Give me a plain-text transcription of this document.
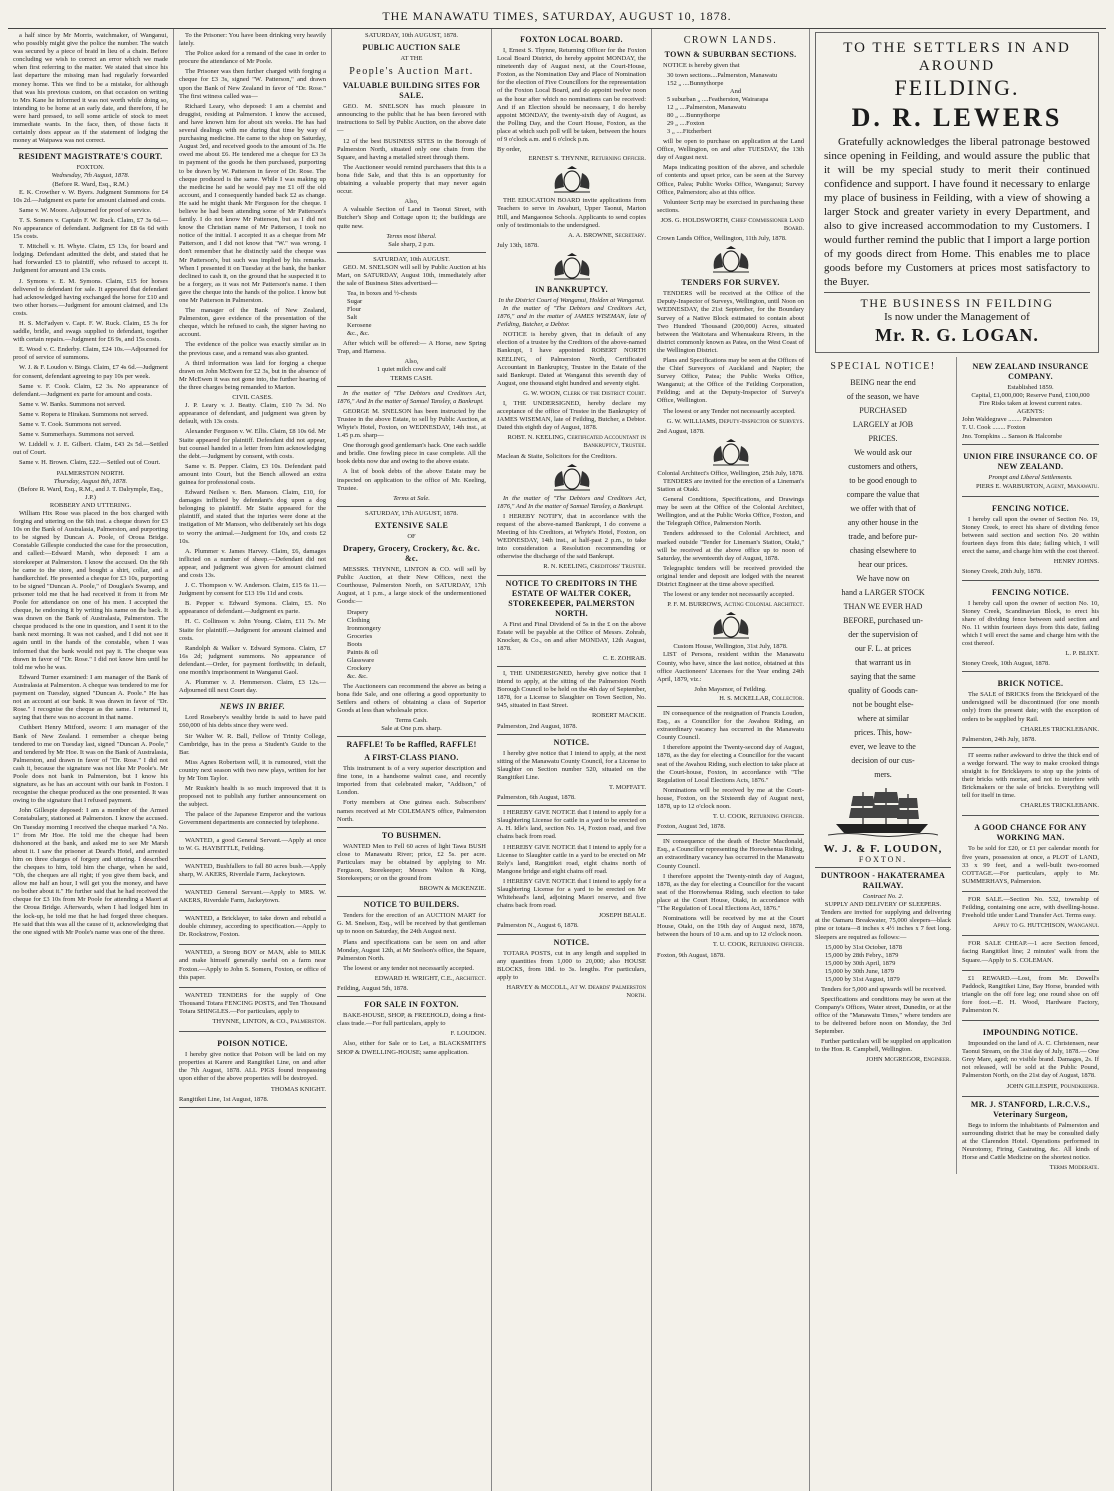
THE MANAWATU TIMES, SATURDAY, AUGUST 10, 1878.

a half since by Mr Morris, watchmaker, of Wanganui, who possibly might give the police the number. The watch was secured by a piece of braid in lieu of a chain. Before concluding we wish to correct an error which we made when first referring to the matter. We stated that since his last departure the missing man had regularly forwarded money home. This we find to be a mistake, for although that was his previous custom, on that occasion on writing to Mrs Kane he informed it was not worth while doing so, intending to be home at an early date, and therefore, if he were hard pressed, to sell some article of stock to meet immediate wants. In the face, then, of those facts it certainly does appear as if the statement of lodging the money at Waipawa was not correct.

RESIDENT MAGISTRATE'S COURT.
FOXTON.
Wednesday, 7th August, 1878.
(Before R. Ward, Esq., R.M.)

E. K. Crowther v. W. Byers. Judgment Summons for £4 10s 2d.—Judgment ex parte for amount claimed and costs.

Same v. W. Moore. Adjourned for proof of service.

T. S. Somers v. Captain F. W. Ruck. Claim, £7 3s 6d.—No appearance of defendant. Judgment for £8 6s 6d with 15s costs.

T. Mitchell v. H. Whyte. Claim, £5 13s, for board and lodging. Defendant admitted the debt, and stated that he had forwarded £3 to plaintiff, who refused to accept it. Judgment for amount and 13s costs.

J. Symons v. E. M. Symons. Claim, £15 for horses delivered to defendant for sale. It appeared that defendant had acknowledged having exchanged the horse for £10 and two other horses.—Judgment for amount claimed, and 13s costs.

H. S. McFadyen v. Capt. F. W. Ruck. Claim, £5 3s for saddle, bridle, and swags supplied to defendant, together with certain repairs.—Judgment for £6 9s, and 15s costs.

E. Wood v. C. Enderby. Claim, £24 10s.—Adjourned for proof of service of summons.

W. J. & F. Loudon v. Bings. Claim, £7 4s 6d.—Judgment for consent, defendant agreeing to pay 10s per week.

Same v. F. Cook. Claim, £2 3s. No appearance of defendant.—Judgment ex parte for amount and costs.

Same v. W. Banks. Summons not served.

Same v. Ropera te Hirakau. Summons not served.

Same v. T. Cook. Summons not served.

Same v. Summerhays. Summons not served.

W. Liddell v. J. E. Gilbert. Claim, £43 2s 5d.—Settled out of Court.

Same v. H. Brown. Claim, £22.—Settled out of Court.

PALMERSTON NORTH.
Thursday, August 8th, 1878.
(Before R. Ward, Esq., R.M., and J. T. Dalrymple, Esq., J.P.)
ROBBERY AND UTTERING.

William Hix Rose was placed in the box charged with forging and uttering on the 6th inst. a cheque drawn for £3 10s on the Bank of Australasia, Palmerston, and purporting to be signed by Duncan A. Poole, of Oroua Bridge. Constable Gillespie conducted the case for the prosecution, and called:—Edward Marsh, who deposed: I am a storekeeper at Palmerston. I know the accused. On the 6th he came to the store, and bought a shirt, collar, and a handkerchief. He presented a cheque for £3 10s, purporting to be signed "Duncan A. Poole," of Douglas's Swamp, and prisoner told me that he had received it from it from Mr Poole for attendance on one of his men. I accepted the cheque, he endorsing it by writing his name on the back. It was drawn on the Bank of Australasia, Palmerston. The cheque produced is the one in question, and I sent it to the bank next morning. It was not cashed, and I did not see it again until in the hands of the constable, when I was informed that the bank would not pay it. The cheque was drawn in favor of "Dr. Rose." I did not know him until he told me who he was.

Edward Turner examined: I am manager of the Bank of Australasia at Palmerston. A cheque was tendered to me for payment on Tuesday, signed "Duncan A. Poole." He has not an account at our bank. It was drawn in favor of "Dr. Rose." I recognise the cheque as the same. I returned it, saying that there was no account in that name.

Cuthbert Henry Mitford, sworn: I am manager of the Bank of New Zealand. I remember a cheque being tendered to me on Tuesday last, signed "Duncan A. Poole," and tendered by Mr Hoe. It was on the Bank of Australasia, Palmerston, and drawn in favor of "Dr. Rose." I did not cash it, because the signature was not like Mr Poole's. Mr Poole does not bank in Palmerston, but I know his signature, as he has an account with our bank in Foxton. I recognise the cheque produced as the one presented. It was owing to the signature that I refused payment.

John Gillespie deposed: I am a member of the Armed Constabulary, stationed at Palmerston. I know the accused. On Tuesday morning I received the cheque marked "A No. 1" from Mr Hoe. He told me the cheque had been dishonored at the bank, and asked me to see Mr Marsh about it. I saw the prisoner at Deard's Hotel, and arrested him on three charges of forgery and uttering. I described the cheques to him, told him the charge, when he said, "Oh, the cheques are all right; if you give them back, and allow me half an hour, I will get you the money, and have no bother about it." He further said that he had received the cheque for £3 10s from Mr Poole for attending a Maori at the Oroua Bridge. Afterwards, when I had lodged him in the lock-up, he told me that he had forged three cheques. He said that this was all the cause of it, acknowledging that the one signed with Mr Poole's name was one of the three.

To the Prisoner: You have been drinking very heavily lately.

The Police asked for a remand of the case in order to procure the attendance of Mr Poole.

The Prisoner was then further charged with forging a cheque for £3 3s, signed "W. Patterson," and drawn upon the Bank of New Zealand in favor of "Dr. Rose." The first witness called was—

Richard Leary, who deposed: I am a chemist and druggist, residing at Palmerston. I know the accused, and have known him for about six weeks. He has had several dealings with me during that time by way of purchasing medicine. He came to the shop on Saturday, August 3rd, and received goods to the amount of 3s. He owed me about £6. He tendered me a cheque for £3 3s in payment of the goods he then purchased, purporting to be drawn by W. Patterson in favor of Dr. Rose. The cheque produced is the same. While I was making up the medicine he said he would pay me £1 off the old account, and I consequently handed back £2 as change. He said he might thank Mr Ferguson for the cheque. I believe he had been attending some of Mr Patterson's family. I do not know Mr Patterson, but as I did not know the Christian name of Mr Patterson, I took no notice of the initial. I accepted it as a cheque from Mr Patterson, and I did not know that "W." was wrong. I don't remember that he distinctly said the cheque was Mr Patterson's, but such was implied by his remarks. When I presented it on Tuesday at the bank, the banker declined to cash it, on the ground that he suspected it to be a forgery, as it was not Mr Patterson's name. I then gave the cheque into the hands of the police. I know but one Mr Patterson in Palmerston.

The manager of the Bank of New Zealand, Palmerston, gave evidence of the presentation of the cheque, which he refused to cash, the signer having no account.

The evidence of the police was exactly similar as in the previous case, and a remand was also granted.

A third information was laid for forging a cheque drawn on John McEwen for £2 3s, but in the absence of Mr McEwen it was not gone into, the further hearing of the three charges being remanded to Marton.

CIVIL CASES.

J. P. Leary v. J. Beatty. Claim, £10 7s 3d. No appearance of defendant, and judgment was given by default, with 13s costs.

Alexander Ferguson v. W. Ellis. Claim, £8 10s 6d. Mr Staite appeared for plaintiff. Defendant did not appear, but counsel handed in a letter from him acknowledging the debt.—Judgment by consent, with costs.

Same v. B. Pepper. Claim, £3 10s. Defendant paid amount into Court, but the Bench allowed an extra guinea for professional costs.

Edward Neilsen v. Ben. Manson. Claim, £10, for damages inflicted by defendant's dog upon a dog belonging to plaintiff. Mr Staite appeared for the plaintiff, and stated that the injuries were done at the instigation of Mr Manson, who deliberately set his dogs to worry the animal.—Judgment for 10s, and costs £2 10s.

A. Plummer v. James Harvey. Claim, £6, damages inflicted on a number of sheep.—Defendant did not appear, and judgment was given for amount claimed and costs 13s.

J. C. Thompson v. W. Anderson. Claim, £15 6s 11.—Judgment by consent for £13 19s 11d and costs.

B. Pepper v. Edward Symons. Claim, £5. No appearance of defendant.—Judgment ex parte.

H. C. Collinson v. John Young. Claim, £11 7s. Mr Staite for plaintiff.—Judgment for amount claimed and costs.

Randolph & Walker v. Edward Symons. Claim, £7 16s 2d; judgment summons. No appearance of defendant.—Order, for payment forthwith; in default, one month's imprisonment in Wanganui Gaol.

A. Plummer v. J. Hemmerson. Claim, £3 12s.—Adjourned till next Court day.

NEWS IN BRIEF.

Lord Rosebery's wealthy bride is said to have paid £60,000 of his debts since they were wed.

Sir Walter W. R. Ball, Fellow of Trinity College, Cambridge, has in the press a Student's Guide to the Bar.

Miss Agnes Robertson will, it is rumoured, visit the country next season with two new plays, written for her by Mr Tom Taylor.

Mr Ruskin's health is so much improved that it is proposed not to publish any further announcement on the subject.

The palace of the Japanese Emperor and the various Government departments are connected by telephone.

WANTED, a good General Servant.—Apply at once to W. G. HAYBITTLE, Feilding.

WANTED, Bushfallers to fall 80 acres bush.—Apply sharp, W. AKERS, Riverdale Farm, Jackeytown.

WANTED General Servant.—Apply to MRS. W. AKERS, Riverdale Farm, Jackeytown.

WANTED, a Bricklayer, to take down and rebuild a double chimney, according to specification.—Apply to Dr. Rockstrow, Foxton.

WANTED, a Strong BOY or MAN, able to MILK and make himself generally useful on a farm near Foxton.—Apply to John S. Somers, Foxton, or office of this paper.

WANTED TENDERS for the supply of One Thousand Totara FENCING POSTS, and Ten Thousand Totara SHINGLES.—For particulars, apply to

THYNNE, LINTON, & CO., Palmerston.
POISON NOTICE.

I hereby give notice that Poison will be laid on my properties at Karere and Rangitikei Line, on and after the 7th August, 1878. ALL PIGS found trespassing upon either of the above properties will be destroyed.

THOMAS KNIGHT.
Rangitikei Line, 1st August, 1878.
SATURDAY, 10th AUGUST, 1878.
PUBLIC AUCTION SALE
AT THE
People's Auction Mart.
VALUABLE BUILDING SITES FOR SALE.

GEO. M. SNELSON has much pleasure in announcing to the public that he has been favored with instructions to Sell by Public Auction, on the above date—

12 of the best BUSINESS SITES in the Borough of Palmerston North, situated only one chain from the Square, and having a metalled street through them.

The Auctioneer would remind purchasers that this is a bona fide Sale, and that this is an opportunity for obtaining a valuable property that may never again occur.

Also,

A valuable Section of Land in Taonui Street, with Butcher's Shop and Cottage upon it; the buildings are quite new.

Terms most liberal.
Sale sharp, 2 p.m.
SATURDAY, 10th AUGUST.

GEO. M. SNELSON will sell by Public Auction at his Mart, on SATURDAY, August 10th, immediately after the sale of Business Sites advertised—

Tea, in boxes and ½-chests
Sugar
Flour
Salt
Kerosene
&c., &c.

After which will be offered:— A Horse, new Spring Trap, and Harness.

Also,
1 quiet milch cow and calf
TERMS CASH.

In the matter of "The Debtors and Creditors Act, 1876," And In the matter of Samuel Tansley, a Bankrupt.

GEORGE M. SNELSON has been instructed by the Trustee in the above Estate, to sell by Public Auction, at Whyte's Hotel, Foxton, on WEDNESDAY, 14th inst., at 1.45 p.m. sharp—

One thorough good gentleman's hack. One each saddle and bridle. One fowling piece in case complete. All the book debts now due and owing to the above estate.

A list of book debts of the above Estate may be inspected on application to the office of Mr. Keeling, Trustee.

Terms at Sale.
SATURDAY, 17th AUGUST, 1878.
EXTENSIVE SALE
OF
Drapery, Grocery, Crockery, &c. &c. &c.

MESSRS. THYNNE, LINTON & CO. will sell by Public Auction, at their New Offices, next the Courthouse, Palmerston North, on SATURDAY, 17th August, at 1 p.m., a large stock of the undermentioned Goods:—

Drapery
Clothing
Ironmongery
Groceries
Boots
Paints & oil
Glassware
Crockery
&c. &c.

The Auctioneers can recommend the above as being a bona fide Sale, and one offering a good opportunity to Settlers and others of obtaining a class of Superior Goods at less than wholesale price.

Terms Cash.
Sale at One p.m. sharp.
RAFFLE! To be Raffled, RAFFLE!
A FIRST-CLASS PIANO.

This instrument is of a very superior description and fine tone, in a handsome walnut case, and recently imported from that celebrated maker, "Addison," of London.

Forty members at One guinea each. Subscribers' names received at Mr COLEMAN'S office, Palmerston North.

TO BUSHMEN.

WANTED Men to Fell 60 acres of light Tawa BUSH close to Manawatu River; price, £2 5s. per acre. Particulars may be obtained by applying to Mr. Ferguson, Storekeeper; Messrs Walton & King, Storekeepers; or on the ground from

BROWN & McKENZIE.
NOTICE TO BUILDERS.

Tenders for the erection of an AUCTION MART for G. M. Snelson, Esq., will be received by that gentleman up to noon on Saturday, the 24th August next.

Plans and specifications can be seen on and after Monday, August 12th, at Mr Snelson's office, the Square, Palmerston North.

The lowest or any tender not necessarily accepted.

EDWARD H. WRIGHT, C.E., Architect.
Feilding, August 5th, 1878.
FOR SALE IN FOXTON.

BAKE-HOUSE, SHOP, & FREEHOLD, doing a first-class trade.—For full particulars, apply to

F. LOUDON.

Also, either for Sale or to Let, a BLACKSMITH'S SHOP & DWELLING-HOUSE; same application.

FOXTON LOCAL BOARD.

I, Ernest S. Thynne, Returning Officer for the Foxton Local Board District, do hereby appoint MONDAY, the nineteenth day of August next, at the Court-House, Foxton, as the Nomination Day and Place of Nomination for the election of Five Councillors for the representation of the Foxton Local Board, and do appoint twelve noon as the hour after which no nominations can be received: And if an Election should be necessary, I do hereby appoint MONDAY, the twenty-sixth day of August, as the Polling Day, and the Court House, Foxton, as the place at which such poll will be taken, between the hours of 9 o'clock a.m. and 6 o'clock p.m.

By order,
ERNEST S. THYNNE, Returning Officer.

THE EDUCATION BOARD invite applications from Teachers to serve in Awahuri, Upper Taonui, Marton Hill, and Mangaonoa Schools. Applicants to send copies only of testimonials to the undersigned.

A. A. BROWNE, Secretary.
July 13th, 1878.
IN BANKRUPTCY.
In the District Court of Wanganui, Holden at Wanganui.

In the matter of "The Debtors and Creditors Act, 1876," and in the matter of JAMES WISEMAN, late of Feilding, Butcher, a Debtor.

NOTICE is hereby given, that in default of any election of a trustee by the Creditors of the above-named Bankrupt, I have appointed ROBERT NORTH KEELING, of Palmerston North, Certificated Accountant in Bankruptcy, Trustee in the Estate of the said Bankrupt. Dated at Wanganui this seventh day of August, one thousand eight hundred and seventy eight.

G. W. WOON, Clerk of the District Court.

I, THE UNDERSIGNED, hereby declare my acceptance of the office of Trustee in the Bankruptcy of JAMES WISEMAN, late of Feilding, Butcher, a Debtor. Dated this eighth day of August, 1878.

ROBT. N. KEELING, Certificated Accountant in Bankruptcy, Trustee.
Maclean & Staite, Solicitors for the Creditors.

In the matter of "The Debtors and Creditors Act, 1876," And In the matter of Samuel Tansley, a Bankrupt.

I HEREBY NOTIFY, that in accordance with the request of the above-named Bankrupt, I do convene a Meeting of his Creditors, at Whyte's Hotel, Foxton, on WEDNESDAY, 14th inst., at half-past 2 p.m., to take into consideration a Resolution recommending or otherwise the discharge of the said Bankrupt.

R. N. KEELING, Creditors' Trustee.
NOTICE TO CREDITORS IN THE ESTATE OF WALTER COKER, STOREKEEPER, PALMERSTON NORTH.

A First and Final Dividend of 5s in the £ on the above Estate will be payable at the Office of Messrs. Zohrab, Knocker, & Co., on and after MONDAY, 12th August, 1878.

C. E. ZOHRAB.

I, THE UNDERSIGNED, hereby give notice that I intend to apply, at the sitting of the Palmerston North Borough Council to be held on the 4th day of September, 1878, for a License to Slaughter on Town Section, No. 945, situated in East Street.

ROBERT MACKIE.
Palmerston, 2nd August, 1878.
NOTICE.

I hereby give notice that I intend to apply, at the next sitting of the Manawatu County Council, for a License to Slaughter on Section number 520, situated on the Rangitikei Line.

T. MOFFATT.
Palmerston, 6th August, 1878.

I HEREBY GIVE NOTICE that I intend to apply for a Slaughtering License for cattle in a yard to be erected on A. H. Idle's land, section No. 14, Foxton road, and five chains back from road.

I HEREBY GIVE NOTICE that I intend to apply for a License to Slaughter cattle in a yard to be erected on Mr Rely's land, Rangitikei road, eight chains north of Mangone bridge and eight chains off road.

I HEREBY GIVE NOTICE that I intend to apply for a Slaughtering License for a yard to be erected on Mr Whitehead's land, adjoining Maori reserve, and five chains back from road.

JOSEPH BEALE.
Palmerston N., August 6, 1878.
NOTICE.

TOTARA POSTS, cut in any length and supplied in any quantities from 1,000 to 20,000; also HOUSE BLOCKS, from 18d. to 3s. lengths. For particulars, apply to

HARVEY & McCOLL, At W. Deards' Palmerston North.
CROWN LANDS.
TOWN & SUBURBAN SECTIONS.

NOTICE is hereby given that

30 town sections....Palmerston, Manawatu
152 „ ....Bunnythorpe
And
5 suburban „ ....Featherston, Wairarapa
12 „ ....Palmerston, Manawatu
80 „ ....Bunnythorpe
29 „ ....Foxton
3 „ ....Fitzherbert

will be open to purchase on application at the Land Office, Wellington, on and after TUESDAY, the 13th day of August next.

Maps indicating position of the above, and schedule of contents and upset price, can be seen at the Survey Office, Palea; Public Works Office, Wanganui; Survey Office, Palmerston; also at this office.

Volunteer Scrip may be exercised in purchasing these sections.

JOS. G. HOLDSWORTH, Chief Commissioner Land Board.
Crown Lands Office, Wellington, 11th July, 1878.
TENDERS FOR SURVEY.

TENDERS will be received at the Office of the Deputy-Inspector of Surveys, Wellington, until Noon on WEDNESDAY, the 21st September, for the Boundary Survey of a Native Block estimated to contain about Two Hundred Thousand (200,000) Acres, situated between the Waitotara and Whenuakura Rivers, in the district commonly known as Patea, on the West Coast of the Wellington District.

Plans and Specifications may be seen at the Offices of the Chief Surveyors of Auckland and Napier; the Survey Office, Patea; the Public Works Office, Wanganui; at the Office of the Feilding Corporation, Feilding; and at the Deputy-Inspector of Survey's Office, Wellington.

The lowest or any Tender not necessarily accepted.

G. W. WILLIAMS, Deputy-Inspector of Surveys.
2nd August, 1878.
Colonial Architect's Office, Wellington, 25th July, 1878.

TENDERS are invited for the erection of a Lineman's Station at Otaki.

General Conditions, Specifications, and Drawings may be seen at the Office of the Colonial Architect, Wellington, and at the Public Works Office, Foxton, and the Telegraph Office, Palmerston North.

Tenders addressed to the Colonial Architect, and marked outside "Tender for Lineman's Station, Otaki," will be received at the above office up to noon of Saturday, the seventeenth day of August, 1878.

Telegraphic tenders will be received provided the original tender and deposit are lodged with the nearest District Engineer at the time above specified.

The lowest or any tender not necessarily accepted.

P. F. M. BURROWS, Acting Colonial Architect.
Custom House, Wellington, 31st July, 1878.

LIST of Persons, resident within the Manawatu County, who have, since the last notice, obtained at this office Auctioneers' Licenses for the Year ending 24th April, 1879, viz.:

John Maysmor, of Feilding.
H. S. McKELLAR, Collector.

IN consequence of the resignation of Francis Loudon, Esq., as a Councillor for the Awahou Riding, an extraordinary vacancy has occurred in the Manawatu County Council.

I therefore appoint the Twenty-second day of August, 1878, as the day for electing a Councillor for the vacant seat of the Awahou Riding, such election to take place at the Court-house, Foxton, in accordance with "The Regulation of Local Elections Acts, 1876."

Nominations will be received by me at the Court-house, Foxton, on the Sixteenth day of August next, 1878, up to 12 o'clock noon.

T. U. COOK, Returning Officer.
Foxton, August 3rd, 1878.

IN consequence of the death of Hector Macdonald, Esq., a Councillor representing the Horowhenua Riding, an extraordinary vacancy has occurred in the Manawatu County Council.

I therefore appoint the Twenty-ninth day of August, 1878, as the day for electing a Councillor for the vacant seat of the Horowhenua Riding, such election to take place at the Court House, Otaki, in accordance with "The Regulation of Local Elections Act, 1876."

Nominations will be received by me at the Court House, Otaki, on the 19th day of August next, 1878, between the hours of 10 a.m. and up to 12 o'clock noon.

T. U. COOK, Returning Officer.
Foxton, 9th August, 1878.
TO THE SETTLERS IN AND AROUND
FEILDING.
D. R. LEWERS

Gratefully acknowledges the liberal patronage bestowed since opening in Feilding, and would assure the public that it will be my special study to merit their continued confidence and support. I have found it necessary to enlarge my place of business in Feilding, with a view of showing a larger Stock and greater variety in every Department, and also to give increased accommodation to my Customers. I would further remind the public that I import a large portion of my goods direct from Home. This enables me to place goods before my Customers at prices most satisfactory to the Buyer.

THE BUSINESS IN FEILDING
Is now under the Management of
Mr. R. G. LOGAN.
SPECIAL NOTICE!
BEING near the end
of the season, we have
PURCHASED
LARGELY at JOB
PRICES.
We would ask our
customers and others,
to be good enough to
compare the value that
we offer with that of
any other house in the
trade, and before pur-
chasing elsewhere to
hear our prices.
We have now on
hand a LARGER STOCK
THAN WE EVER HAD
BEFORE, purchased un-
der the supervision of
our F. L. at prices
that warrant us in
saying that the same
quality of Goods can-
not be bought else-
where at similar
prices. This, how-
ever, we leave to the
decision of our cus-
mers.
W. J. & F. LOUDON,
FOXTON.
DUNTROON - HAKATERAMEA RAILWAY.
Contract No. 2.
SUPPLY AND DELIVERY OF SLEEPERS.

Tenders are invited for supplying and delivering at the Oamaru Breakwater, 75,000 sleepers—black pine or totara—8 inches x 4½ inches x 7 feet long. Sleepers are required as follows:—

15,000 by 31st October, 1878
15,000 by 28th Febry., 1879
15,000 by 30th April, 1879
15,000 by 30th June, 1879
15,000 by 31st August, 1879

Tenders for 5,000 and upwards will be received.

Specifications and conditions may be seen at the Company's Offices, Water street, Dunedin, or at the office of the "Manawatu Times," where tenders are to be delivered before noon on Monday, the 3rd September.

Further particulars will be supplied on application to the Hon. R. Campbell, Wellington.

JOHN McGREGOR, Engineer.
NEW ZEALAND INSURANCE COMPANY.
Established 1859.
Capital, £1,000,000; Reserve Fund, £100,000
Fire Risks taken at lowest current rates.
AGENTS:
John Waldegrave ........ Palmerston
T. U. Cook ........ Foxton
Jno. Tompkins ... Sanson & Halcombe
UNION FIRE INSURANCE CO. OF NEW ZEALAND.
Prompt and Liberal Settlements.
PIERS E. WARBURTON, Agent, Manawatu.
FENCING NOTICE.

I hereby call upon the owner of Section No. 19, Stoney Creek, to erect his share of dividing fence between said section and section No. 20 within fourteen days from this date; failing which, I will erect the same, and charge him with the cost thereof.

HENRY JOHNS.
Stoney Creek, 20th July, 1878.
FENCING NOTICE.

I hereby call upon the owner of section No. 10, Stoney Creek, Scandinavian Block, to erect his share of dividing fence between said section and No. 11 within fourteen days from this date, failing which I will erect the same and charge him with the cost thereof.

L. P. BLIXT.
Stoney Creek, 10th August, 1878.
BRICK NOTICE.

The SALE of BRICKS from the Brickyard of the undersigned will be discontinued (for one month only) from the present date; with the exception of orders to be supplied by Rail.

CHARLES TRICKLEBANK.
Palmerston, 24th July, 1878.

IT seems rather awkward to drive the thick end of a wedge forward. The way to make crooked things straight is for Bricklayers to stop up the joints of their bricks with mortar, and not to interfere with Brickmakers or the sale of bricks. Everything will tell for itself in time.

CHARLES TRICKLEBANK.
A GOOD CHANCE FOR ANY WORKING MAN.

To be sold for £20, or £1 per calendar month for five years, possession at once, a PLOT of LAND, 33 x 99 feet, and a well-built two-roomed COTTAGE.—For particulars, apply to Mr. SUMMERHAYS, Palmerston.

FOR SALE.—Section No. 532, township of Feilding, containing one acre, with dwelling-house. Freehold title under Land Transfer Act. Terms easy.

Apply to G. HUTCHISON, Wanganui.

FOR SALE CHEAP.—1 acre Section fenced, facing Rangitikei line; 2 minutes' walk from the Square.—Apply to S. COLEMAN.

£1 REWARD.—Lost, from Mr. Dowell's Paddock, Rangitikei Line, Bay Horse, branded with triangle on the off fore leg; one round shoe on off fore foot.—E. H. Wood, Hardware Factory, Palmerston N.

IMPOUNDING NOTICE.

Impounded on the land of A. C. Christensen, near Taonui Stream, on the 31st day of July, 1878.— One Grey Mare, aged; no visible brand. Damages, 2s. If not released, will be sold at the Public Pound, Palmerston North, on the 21st day of August, 1878.

JOHN GILLESPIE, Poundkeeper.
MR. J. STANFORD, L.R.C.V.S., Veterinary Surgeon,

Begs to inform the inhabitants of Palmerston and surrounding district that he may be consulted daily at the Clarendon Hotel. Operations performed in Neurotomy, Firing, Castrating, &c. All kinds of Horse and Cattle Medicine on the shortest notice.

Terms Moderate.
